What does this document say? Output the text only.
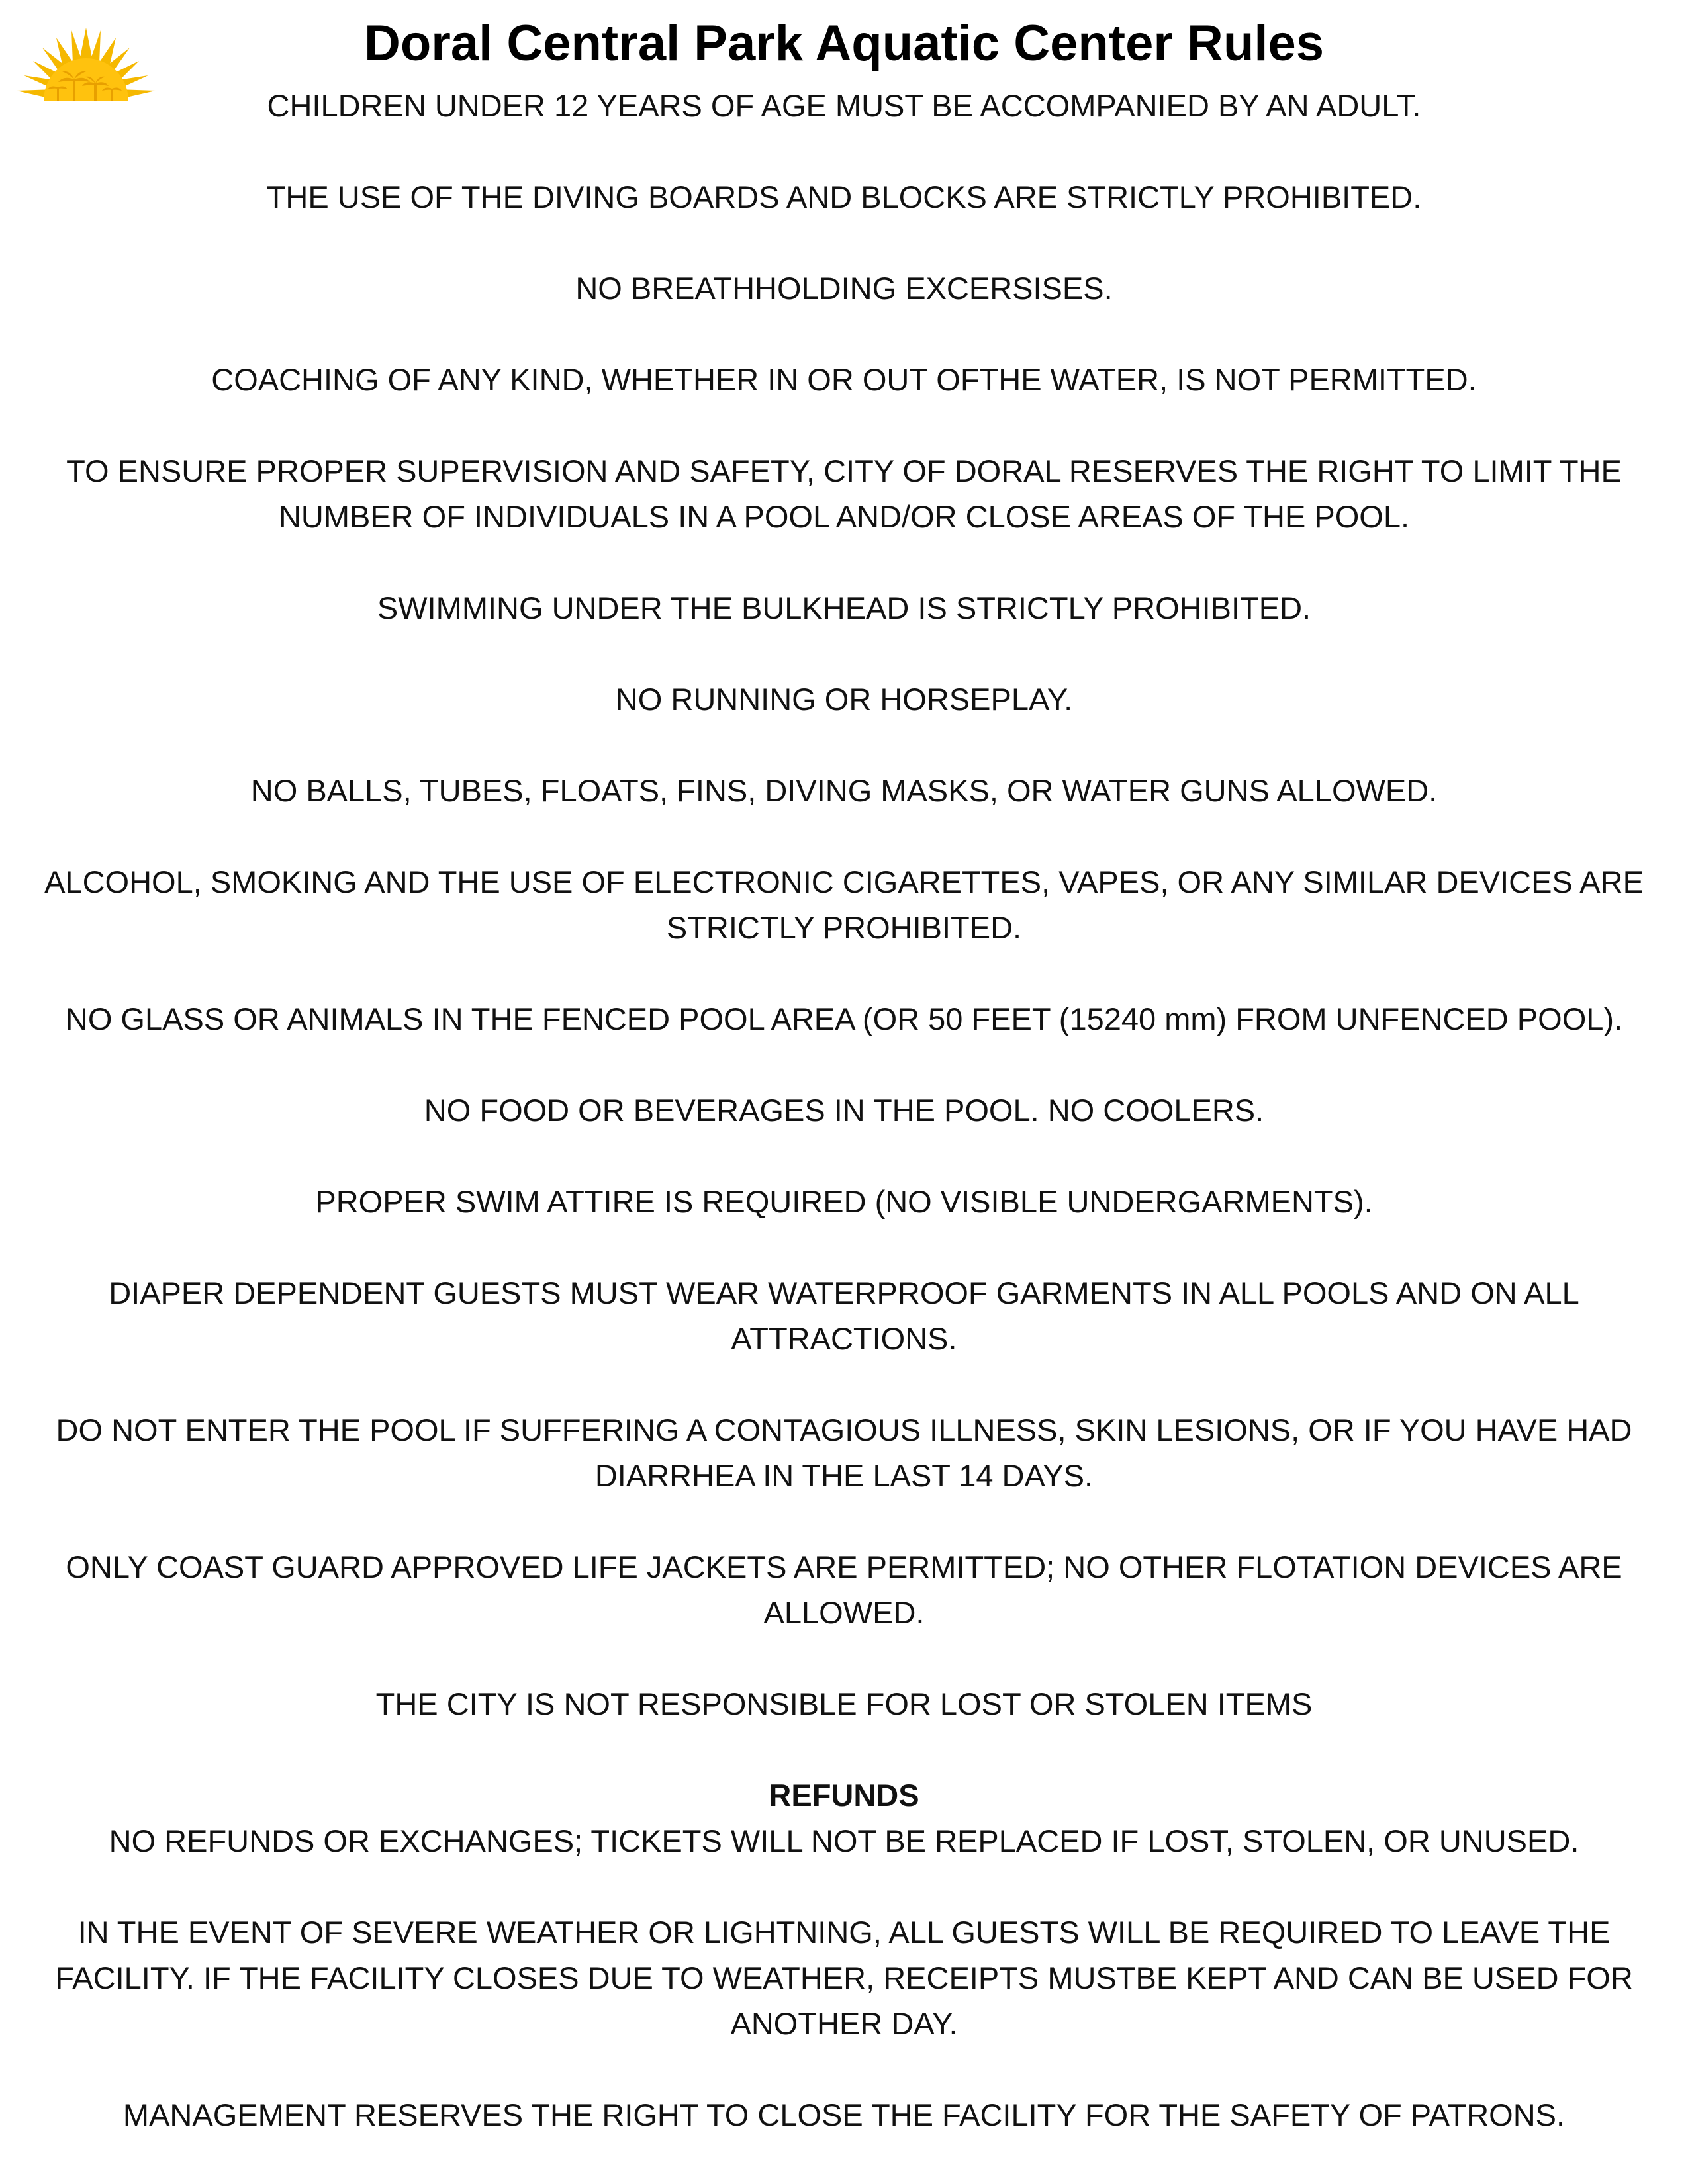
Doral Central Park Aquatic Center Rules
CHILDREN UNDER 12 YEARS OF AGE MUST BE ACCOMPANIED BY AN ADULT.
THE USE OF THE DIVING BOARDS AND BLOCKS ARE STRICTLY PROHIBITED.
NO BREATHHOLDING EXCERSISES.
COACHING OF ANY KIND, WHETHER IN OR OUT OFTHE WATER, IS NOT PERMITTED.
TO ENSURE PROPER SUPERVISION AND SAFETY, CITY OF DORAL RESERVES THE RIGHT TO LIMIT THE NUMBER OF INDIVIDUALS IN A POOL AND/OR CLOSE AREAS OF THE POOL.
SWIMMING UNDER THE BULKHEAD IS STRICTLY PROHIBITED.
NO RUNNING OR HORSEPLAY.
NO BALLS, TUBES, FLOATS, FINS, DIVING MASKS, OR WATER GUNS ALLOWED.
ALCOHOL, SMOKING AND THE USE OF ELECTRONIC CIGARETTES, VAPES, OR ANY SIMILAR DEVICES ARE STRICTLY PROHIBITED.
NO GLASS OR ANIMALS IN THE FENCED POOL AREA (OR 50 FEET (15240 mm) FROM UNFENCED POOL).
NO FOOD OR BEVERAGES IN THE POOL. NO COOLERS.
PROPER SWIM ATTIRE IS REQUIRED (NO VISIBLE UNDERGARMENTS).
DIAPER DEPENDENT GUESTS MUST WEAR WATERPROOF GARMENTS IN ALL POOLS AND ON ALL ATTRACTIONS.
DO NOT ENTER THE POOL IF SUFFERING A CONTAGIOUS ILLNESS, SKIN LESIONS, OR IF YOU HAVE HAD DIARRHEA IN THE LAST 14 DAYS.
ONLY COAST GUARD APPROVED LIFE JACKETS ARE PERMITTED; NO OTHER FLOTATION DEVICES ARE ALLOWED.
THE CITY IS NOT RESPONSIBLE FOR LOST OR STOLEN ITEMS
REFUNDS
NO REFUNDS OR EXCHANGES; TICKETS WILL NOT BE REPLACED IF LOST, STOLEN, OR UNUSED.
IN THE EVENT OF SEVERE WEATHER OR LIGHTNING, ALL GUESTS WILL BE REQUIRED TO LEAVE THE FACILITY. IF THE FACILITY CLOSES DUE TO WEATHER, RECEIPTS MUSTBE KEPT AND CAN BE USED FOR ANOTHER DAY.
MANAGEMENT RESERVES THE RIGHT TO CLOSE THE FACILITY FOR THE SAFETY OF PATRONS.
